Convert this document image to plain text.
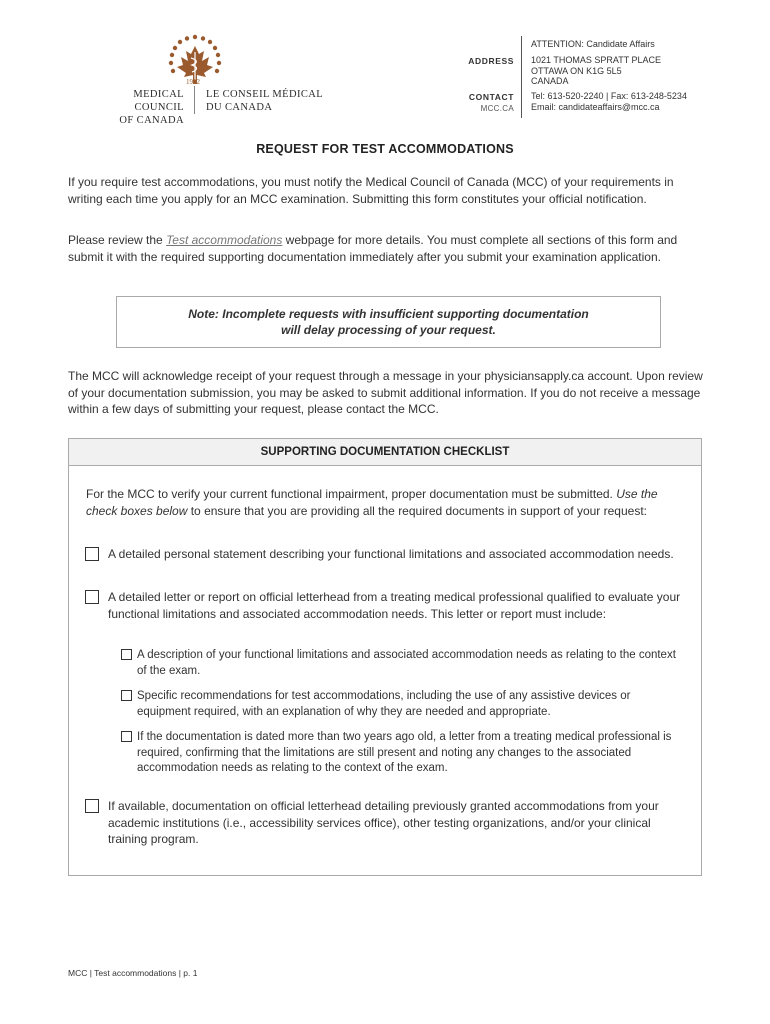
1912
MEDICAL COUNCIL
OF CANADA
LE CONSEIL MÉDICAL
DU CANADA
ATTENTION: Candidate Affairs
ADDRESS 1021 THOMAS SPRATT PLACE
OTTAWA ON K1G 5L5
CANADA
CONTACT
MCC.CA
Tel: 613-520-2240 | Fax: 613-248-5234
Email: candidateaffairs@mcc.ca
REQUEST FOR TEST ACCOMMODATIONS
If you require test accommodations, you must notify the Medical Council of Canada (MCC) of your requirements in writing each time you apply for an MCC examination. Submitting this form constitutes your official notification.
Please review the Test accommodations webpage for more details. You must complete all sections of this form and submit it with the required supporting documentation immediately after you submit your examination application.
Note: Incomplete requests with insufficient supporting documentation
will delay processing of your request.
The MCC will acknowledge receipt of your request through a message in your physiciansapply.ca account. Upon review of your documentation submission, you may be asked to submit additional information. If you do not receive a message within a few days of submitting your request, please contact the MCC.
SUPPORTING DOCUMENTATION CHECKLIST
For the MCC to verify your current functional impairment, proper documentation must be submitted. Use the check boxes below to ensure that you are providing all the required documents in support of your request:
A detailed personal statement describing your functional limitations and associated accommodation needs.
A detailed letter or report on official letterhead from a treating medical professional qualified to evaluate your functional limitations and associated accommodation needs. This letter or report must include:
A description of your functional limitations and associated accommodation needs as relating to the context of the exam.
Specific recommendations for test accommodations, including the use of any assistive devices or equipment required, with an explanation of why they are needed and appropriate.
If the documentation is dated more than two years ago old, a letter from a treating medical professional is required, confirming that the limitations are still present and noting any changes to the associated accommodation needs as relating to the context of the exam.
If available, documentation on official letterhead detailing previously granted accommodations from your academic institutions (i.e., accessibility services office), other testing organizations, and/or your clinical training program.
MCC | Test accommodations | p. 1
